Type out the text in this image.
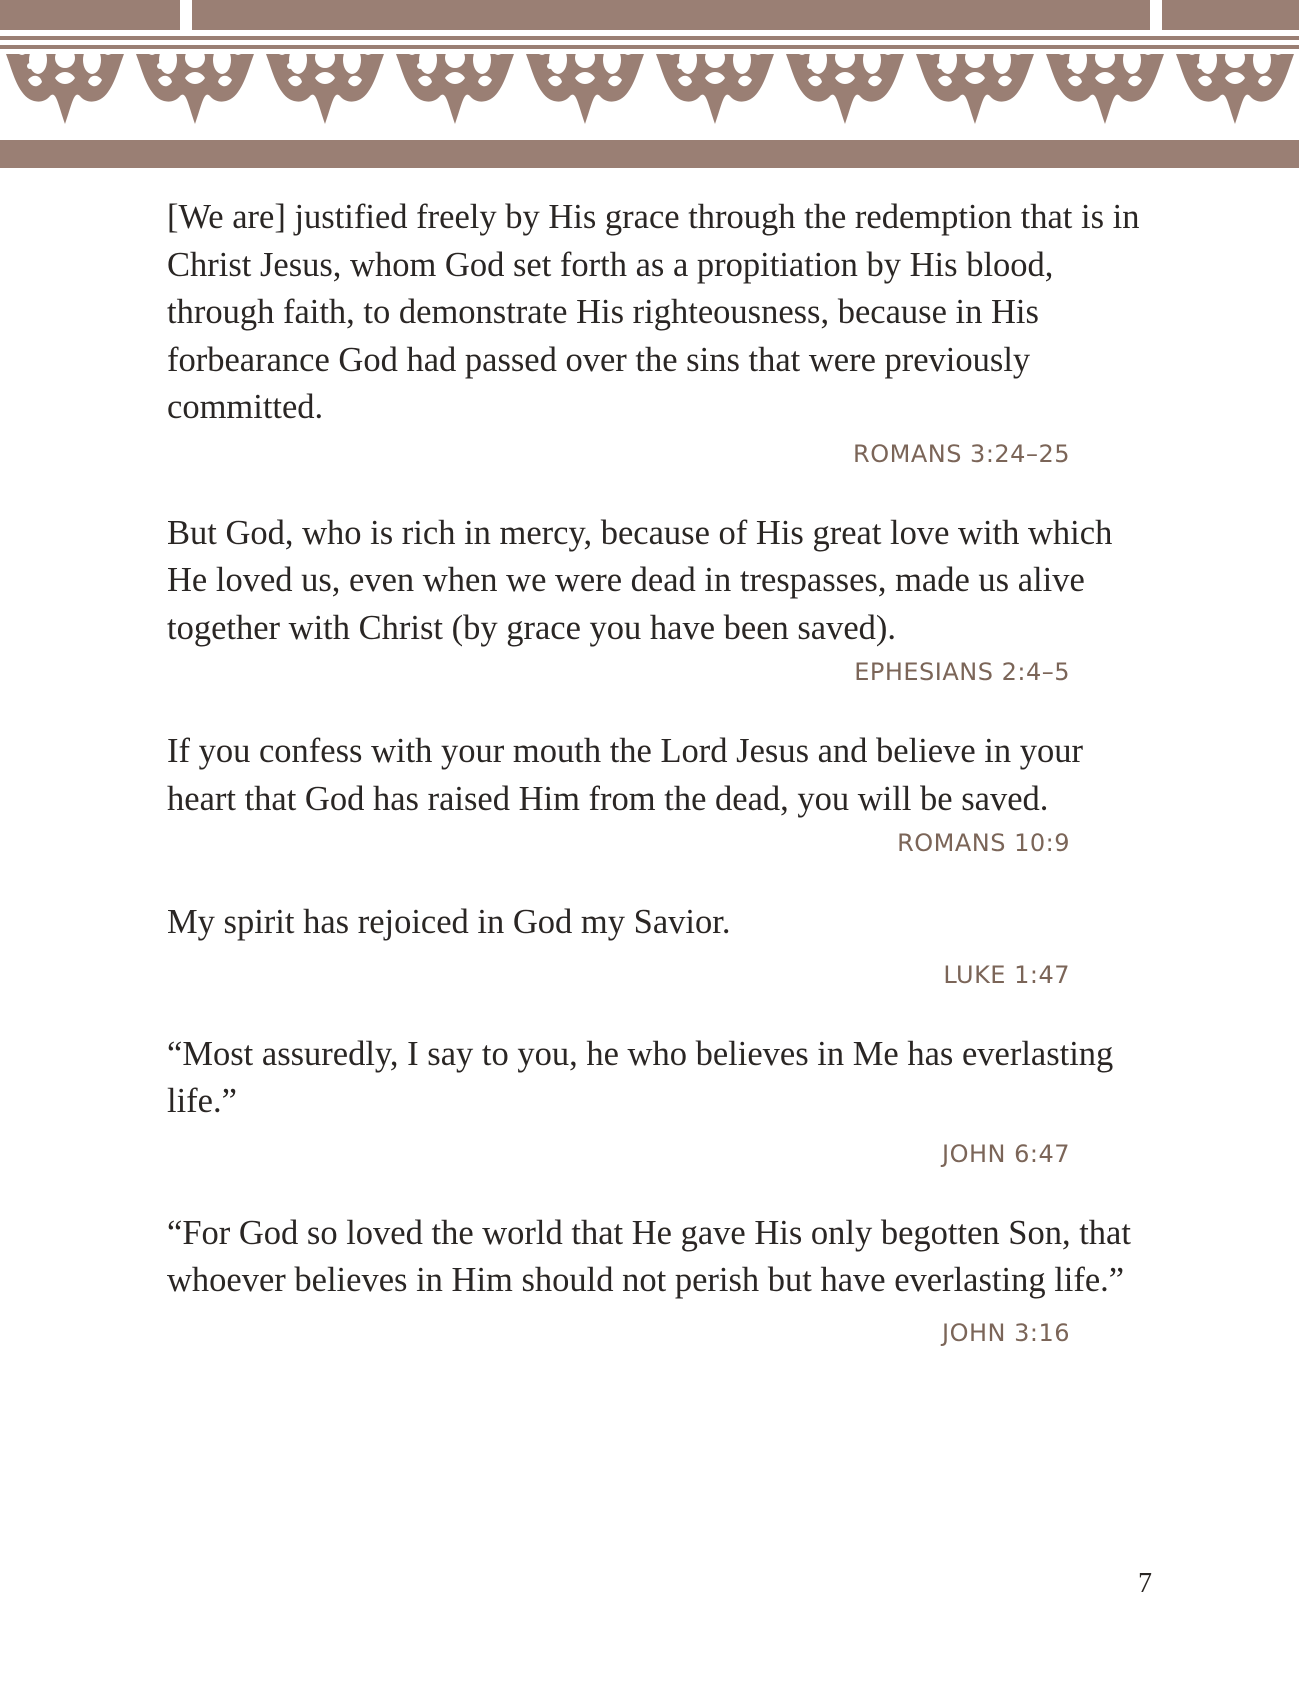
[We are] justified freely by His grace through the redemption that is in Christ Jesus, whom God set forth as a propitiation by His blood, through faith, to demonstrate His righteousness, because in His forbearance God had passed over the sins that were previously committed.

ROMANS 3:24–25

But God, who is rich in mercy, because of His great love with which He loved us, even when we were dead in trespasses, made us alive together with Christ (by grace you have been saved).

EPHESIANS 2:4–5

If you confess with your mouth the Lord Jesus and believe in your heart that God has raised Him from the dead, you will be saved.

ROMANS 10:9

My spirit has rejoiced in God my Savior.

LUKE 1:47

“Most assuredly, I say to you, he who believes in Me has everlasting life.”

JOHN 6:47

“For God so loved the world that He gave His only begotten Son, that whoever believes in Him should not perish but have everlasting life.”

JOHN 3:16

7
